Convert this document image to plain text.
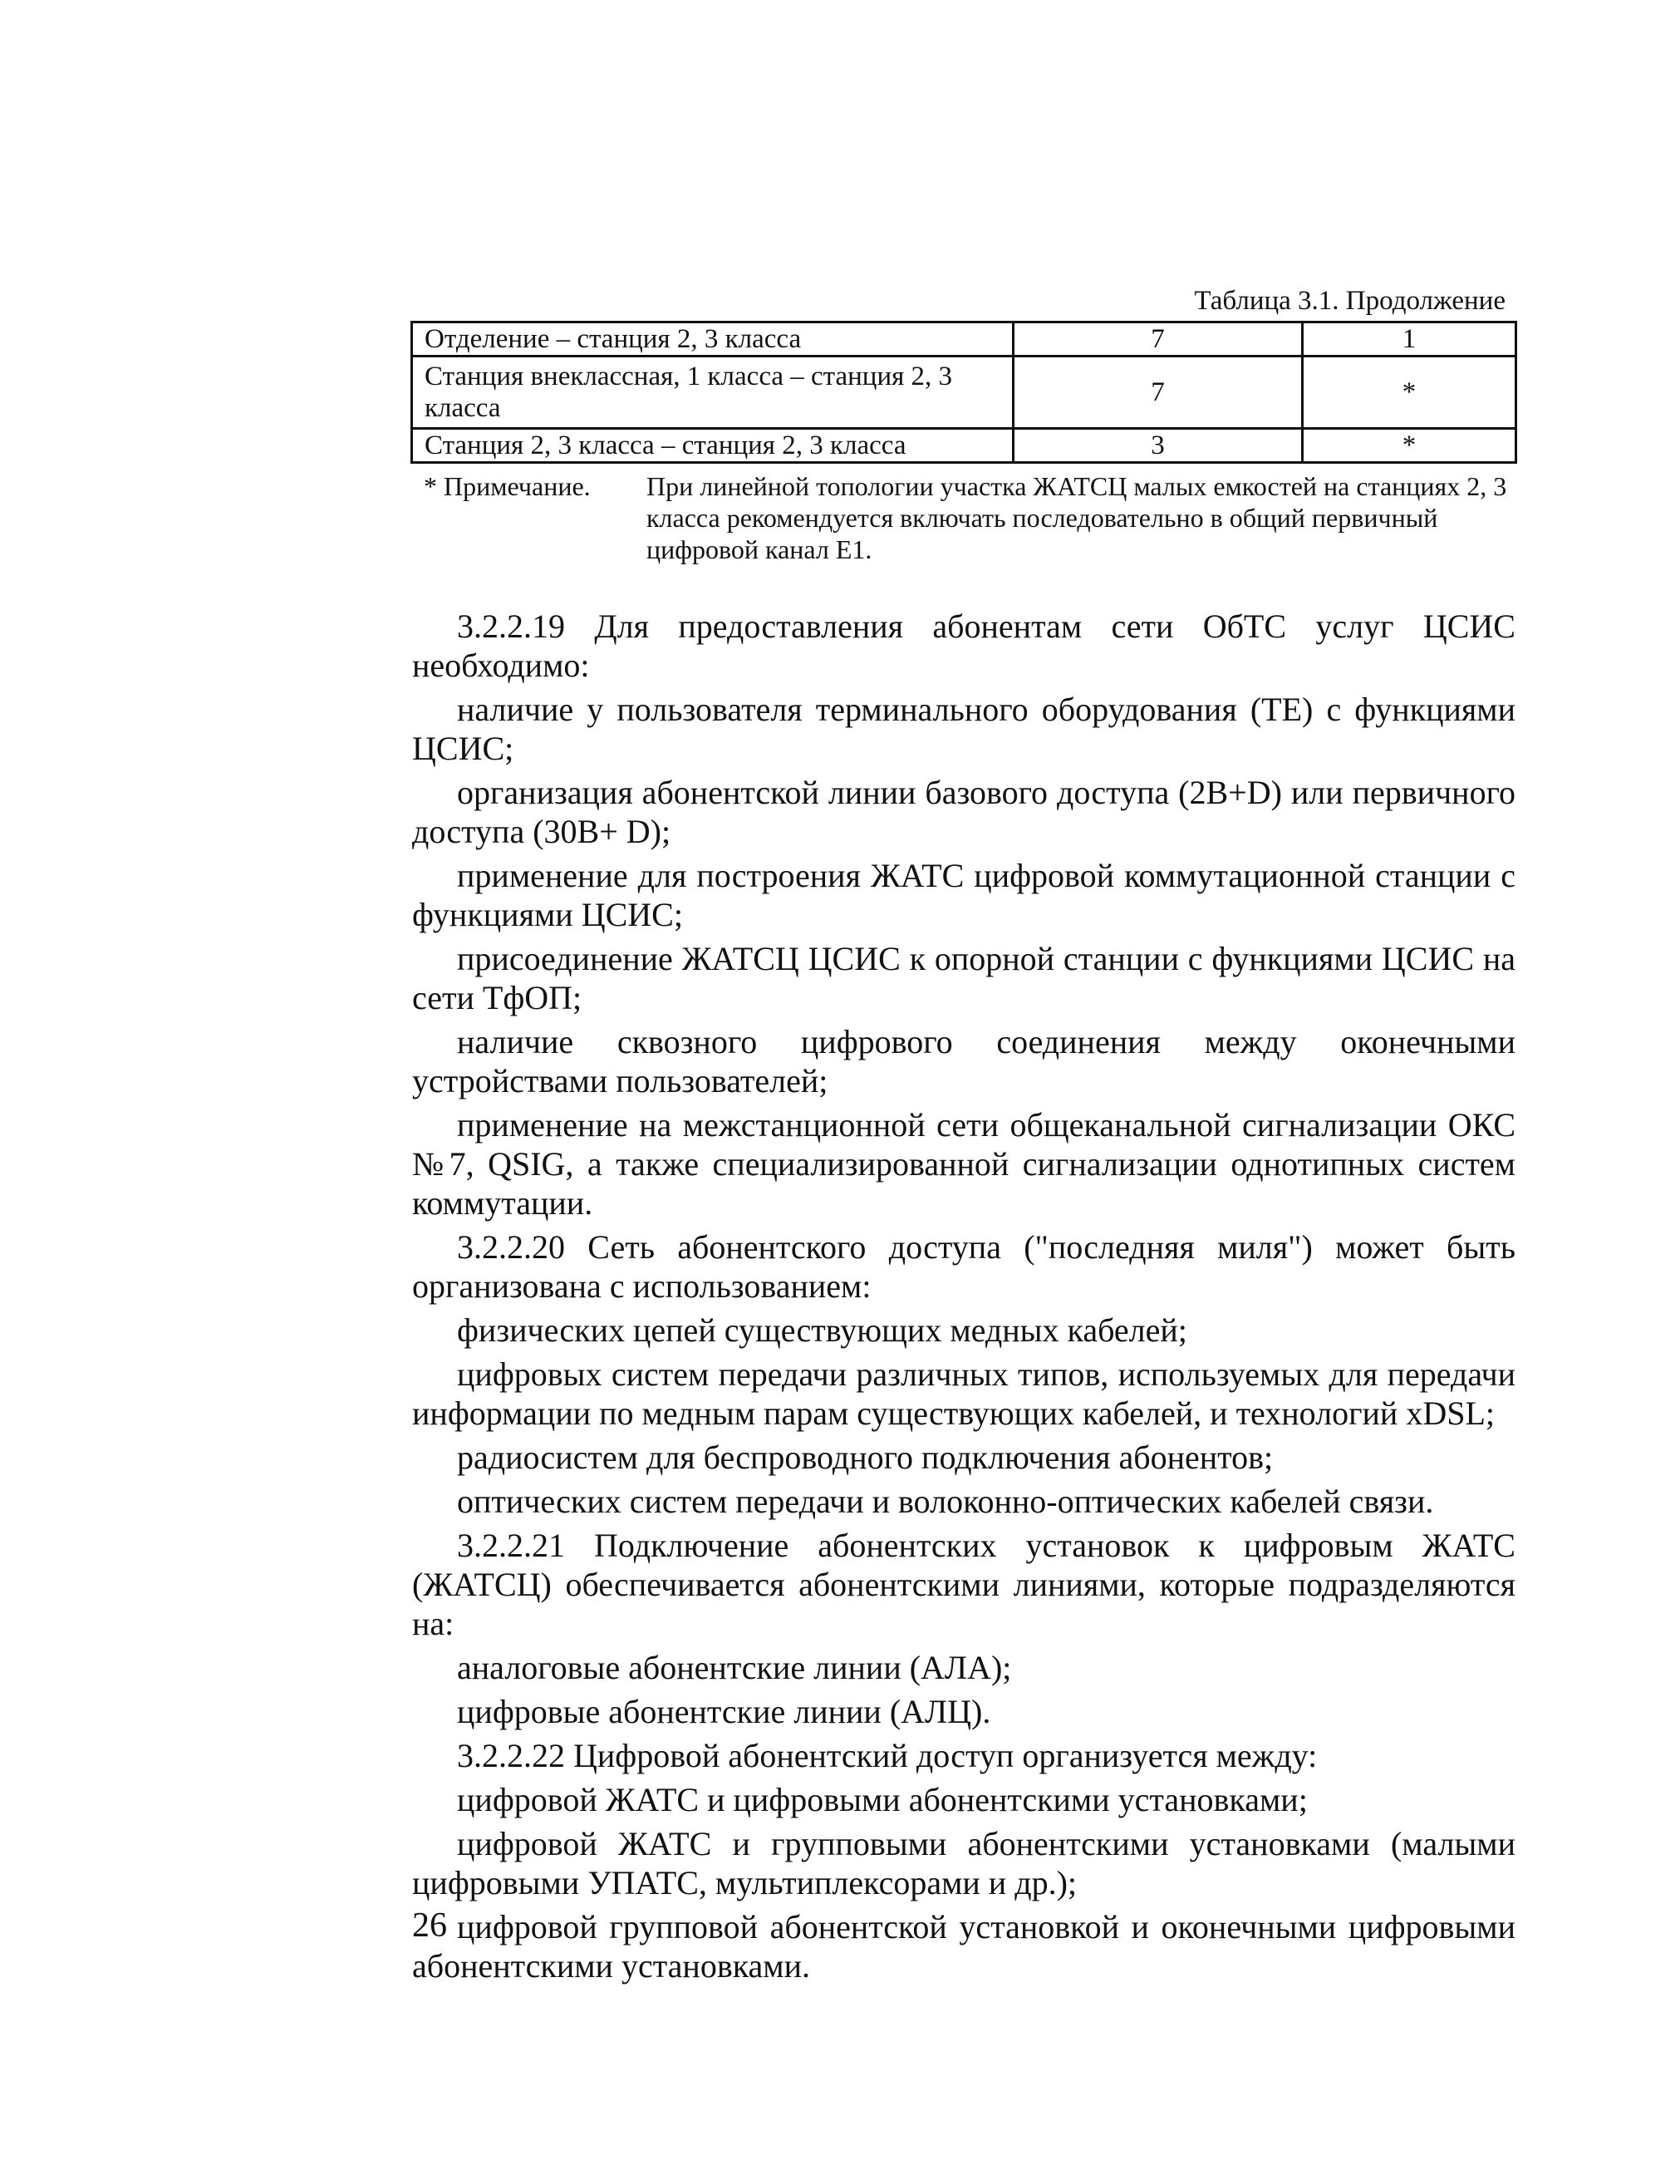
Таблица 3.1. Продолжение
Отделение – станция 2, 3 класса	7	1
Станция внеклассная, 1 класса – станция 2, 3 класса	7	*
Станция 2, 3 класса – станция 2, 3 класса	3	*
* Примечание.	При линейной топологии участка ЖАТСЦ малых емкостей на станциях 2, 3 класса рекомендуется включать последовательно в общий первичный цифровой канал Е1.

3.2.2.19 Для предоставления абонентам сети ОбТС услуг ЦСИС необходимо:

наличие у пользователя терминального оборудования (ТЕ) с функциями ЦСИС;

организация абонентской линии базового доступа (2В+D) или первичного доступа (30В+ D);

применение для построения ЖАТС цифровой коммутационной станции с функциями ЦСИС;

присоединение ЖАТСЦ ЦСИС к опорной станции с функциями ЦСИС на сети ТфОП;

наличие сквозного цифрового соединения между оконечными устройствами пользователей;

применение на межстанционной сети общеканальной сигнализации ОКС №7, QSIG, а также специализированной сигнализации однотипных систем коммутации.

3.2.2.20 Сеть абонентского доступа ("последняя миля") может быть организована с использованием:

физических цепей существующих медных кабелей;

цифровых систем передачи различных типов, используемых для передачи информации по медным парам существующих кабелей, и технологий xDSL;

радиосистем для беспроводного подключения абонентов;

оптических систем передачи и волоконно-оптических кабелей связи.

3.2.2.21 Подключение абонентских установок к цифровым ЖАТС (ЖАТСЦ) обеспечивается абонентскими линиями, которые подразделяются на:

аналоговые абонентские линии (АЛА);

цифровые абонентские линии (АЛЦ).

3.2.2.22 Цифровой абонентский доступ организуется между:

цифровой ЖАТС и цифровыми абонентскими установками;

цифровой ЖАТС и групповыми абонентскими установками (малыми цифровыми УПАТС, мультиплексорами и др.);

цифровой групповой абонентской установкой и оконечными цифровыми абонентскими установками.

26
